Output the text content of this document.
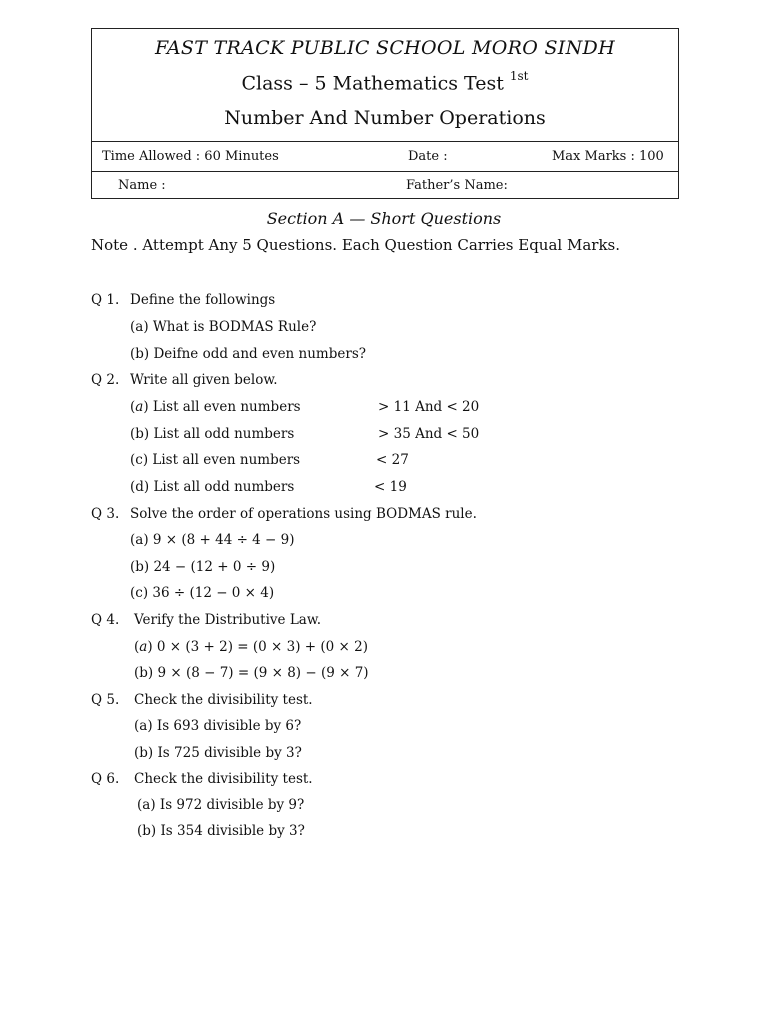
FAST TRACK PUBLIC SCHOOL MORO SINDH
Class – 5 Mathematics Test $^{1st}$
Number And Number Operations
Time Allowed : 60 Minutes	Date :	Max Marks : 100
Name :	Father’s Name:
Section A — Short Questions
Note . Attempt Any 5 Questions. Each Question Carries Equal Marks.
Q 1. Define the followings
(a) What is BODMAS Rule?
(b) Deifne odd and even numbers?
Q 2. Write all given below.
(𝑎) List all even numbers	> 11 And < 20
(b) List all odd numbers	> 35 And < 50
(c) List all even numbers	< 27
(d) List all odd numbers	< 19
Q 3. Solve the order of operations using BODMAS rule.
(a) 9 × (8 + 44 ÷ 4 − 9)
(b) 24 − (12 + 0 ÷ 9)
(c) 36 ÷ (12 − 0 × 4)
Q 4. Verify the Distributive Law.
(𝑎) 0 × (3 + 2) = (0 × 3) + (0 × 2)
(b) 9 × (8 − 7) = (9 × 8) − (9 × 7)
Q 5. Check the divisibility test.
(a) Is 693 divisible by 6?
(b) Is 725 divisible by 3?
Q 6. Check the divisibility test.
(a) Is 972 divisible by 9?
(b) Is 354 divisible by 3?
